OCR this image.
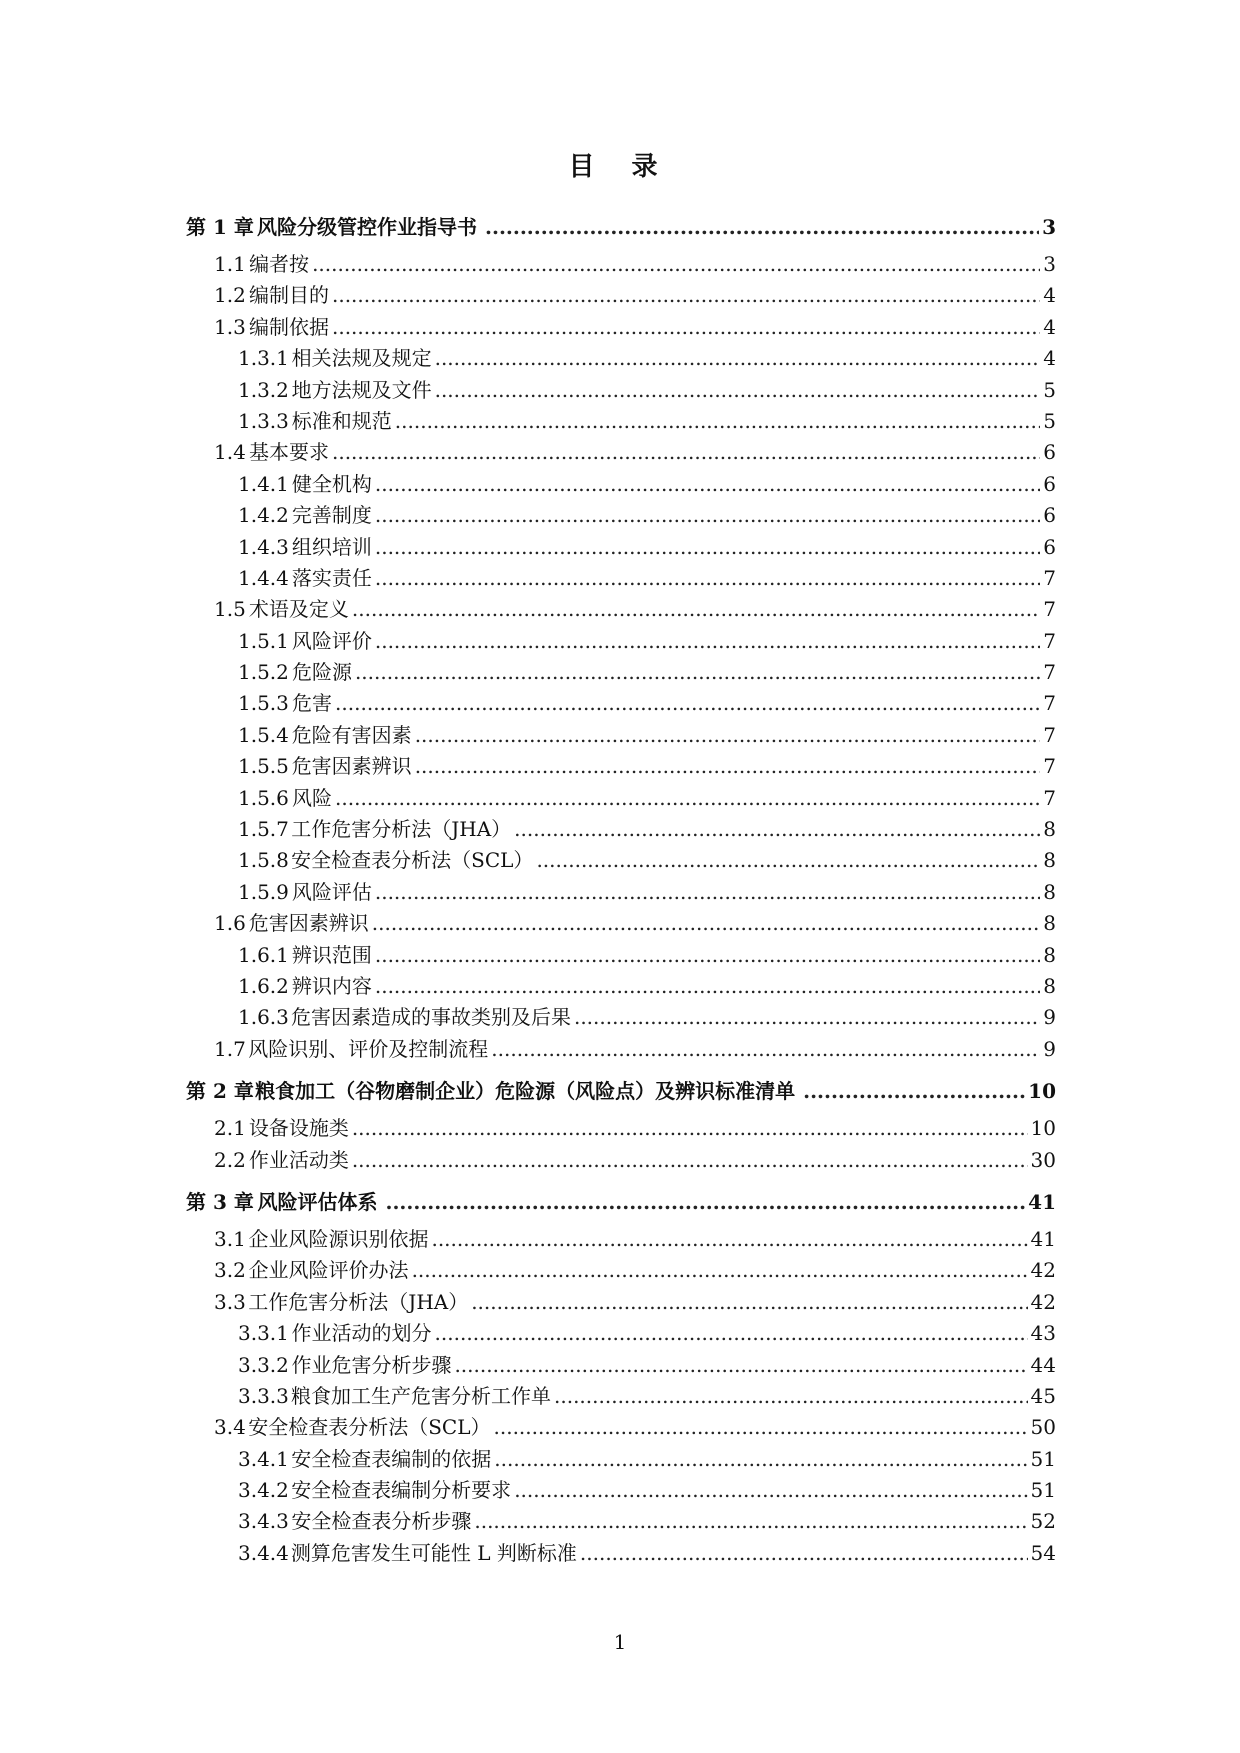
目 录
第 1 章 风险分级管控作业指导书 .....	3
1.1 编者按 .....	3
1.2 编制目的 .....	4
1.3 编制依据 .....	4
1.3.1 相关法规及规定 .....	4
1.3.2 地方法规及文件 .....	5
1.3.3 标准和规范 .....	5
1.4 基本要求 .....	6
1.4.1 健全机构 .....	6
1.4.2 完善制度 .....	6
1.4.3 组织培训 .....	6
1.4.4 落实责任 .....	7
1.5 术语及定义 .....	7
1.5.1 风险评价 .....	7
1.5.2 危险源 .....	7
1.5.3 危害 .....	7
1.5.4 危险有害因素 .....	7
1.5.5 危害因素辨识 .....	7
1.5.6 风险 .....	7
1.5.7 工作危害分析法（JHA） .....	8
1.5.8 安全检查表分析法（SCL） .....	8
1.5.9 风险评估 .....	8
1.6 危害因素辨识 .....	8
1.6.1 辨识范围 .....	8
1.6.2 辨识内容 .....	8
1.6.3 危害因素造成的事故类别及后果 .....	9
1.7 风险识别、评价及控制流程 .....	9
第 2 章 粮食加工（谷物磨制企业）危险源（风险点）及辨识标准清单 .....	10
2.1 设备设施类 .....	10
2.2 作业活动类 .....	30
第 3 章 风险评估体系 .....	41
3.1 企业风险源识别依据 .....	41
3.2 企业风险评价办法 .....	42
3.3 工作危害分析法（JHA） .....	42
3.3.1 作业活动的划分 .....	43
3.3.2 作业危害分析步骤 .....	44
3.3.3 粮食加工生产危害分析工作单 .....	45
3.4 安全检查表分析法（SCL） .....	50
3.4.1 安全检查表编制的依据 .....	51
3.4.2 安全检查表编制分析要求 .....	51
3.4.3 安全检查表分析步骤 .....	52
3.4.4 测算危害发生可能性 L 判断标准 .....	54
1
